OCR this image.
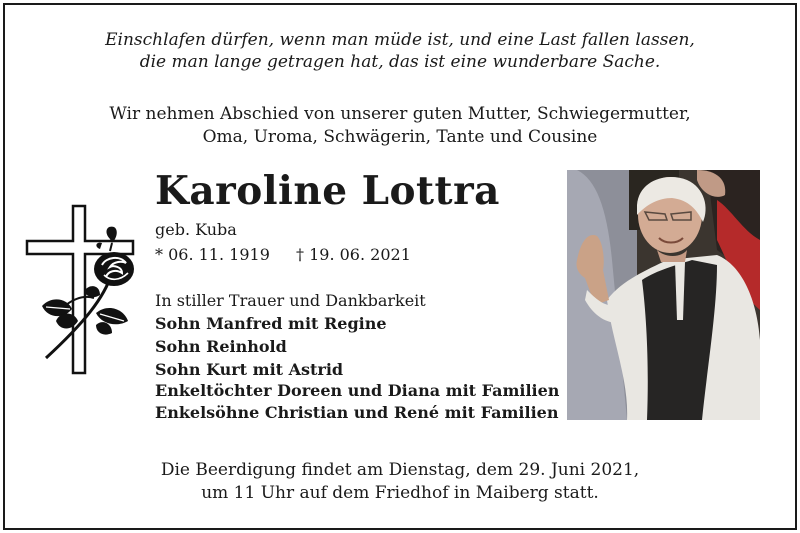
Einschlafen dürfen, wenn man müde ist, und eine Last fallen lassen,
die man lange getragen hat, das ist eine wunderbare Sache.
Wir nehmen Abschied von unserer guten Mutter, Schwiegermutter,
Oma, Uroma, Schwägerin, Tante und Cousine
Karoline Lottra
geb. Kuba
* 06. 11. 1919 † 19. 06. 2021
In stiller Trauer und Dankbarkeit
Sohn Manfred mit Regine
Sohn Reinhold
Sohn Kurt mit Astrid
Enkeltöchter Doreen und Diana mit Familien
Enkelsöhne Christian und René mit Familien
Die Beerdigung findet am Dienstag, dem 29. Juni 2021,
um 11 Uhr auf dem Friedhof in Maiberg statt.
